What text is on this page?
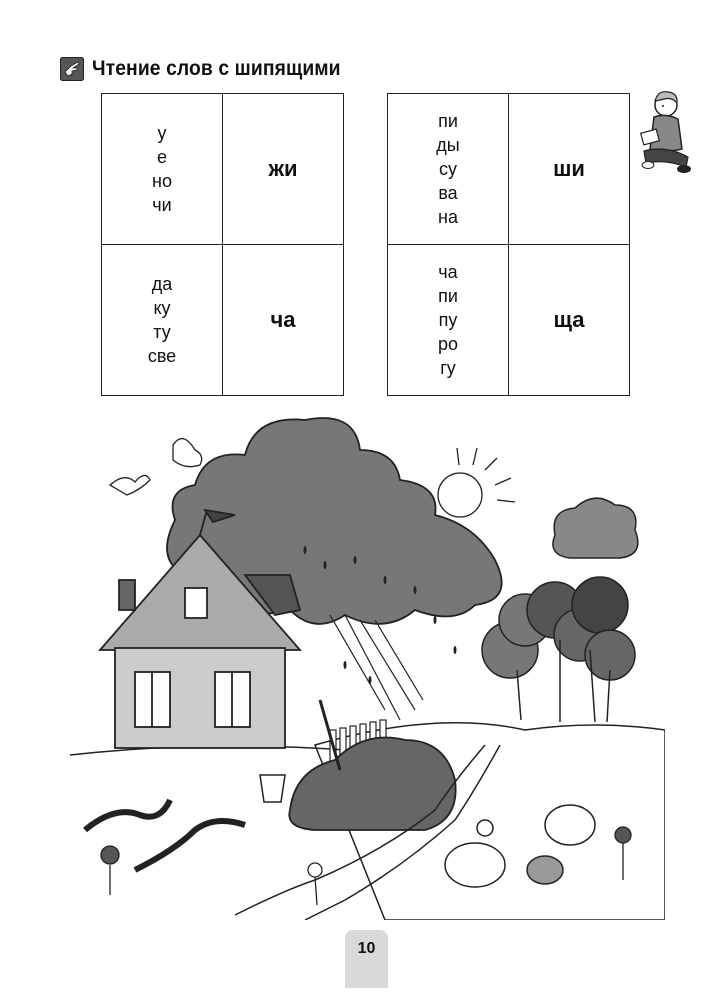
Чтение слов с шипящими
у
е
но
чи	жи

да
ку
ту
све	ча
пи
ды
су
ва
на	ши

ча
пи
пу
ро
гу	ща
10
